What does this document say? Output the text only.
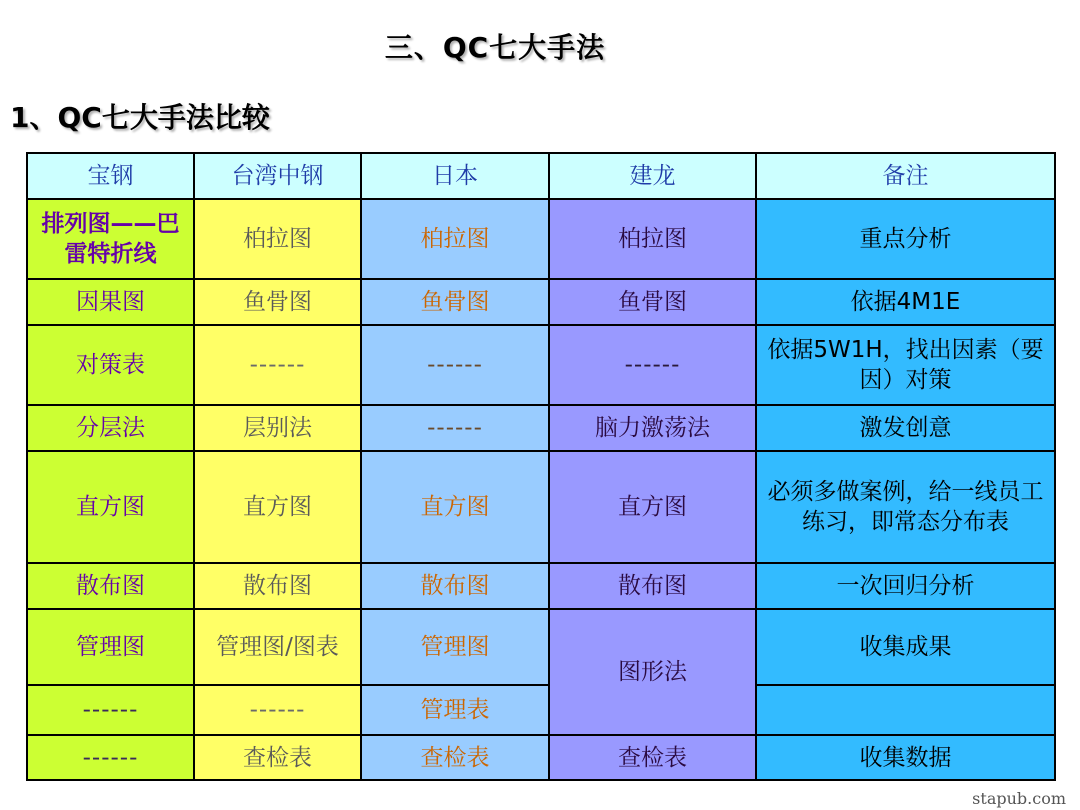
三、QC七大手法
1、QC七大手法比较
宝钢	台湾中钢	日本	建龙	备注
排列图——巴雷特折线	柏拉图	柏拉图	柏拉图	重点分析
因果图	鱼骨图	鱼骨图	鱼骨图	依据4M1E
对策表	------	------	------	依据5W1H，找出因素（要因）对策
分层法	层别法	------	脑力激荡法	激发创意
直方图	直方图	直方图	直方图	必须多做案例，给一线员工练习，即常态分布表
散布图	散布图	散布图	散布图	一次回归分析
管理图	管理图/图表	管理图	图形法	收集成果
------	------	管理表		
------	查检表	查检表	查检表	收集数据
stapub.com
